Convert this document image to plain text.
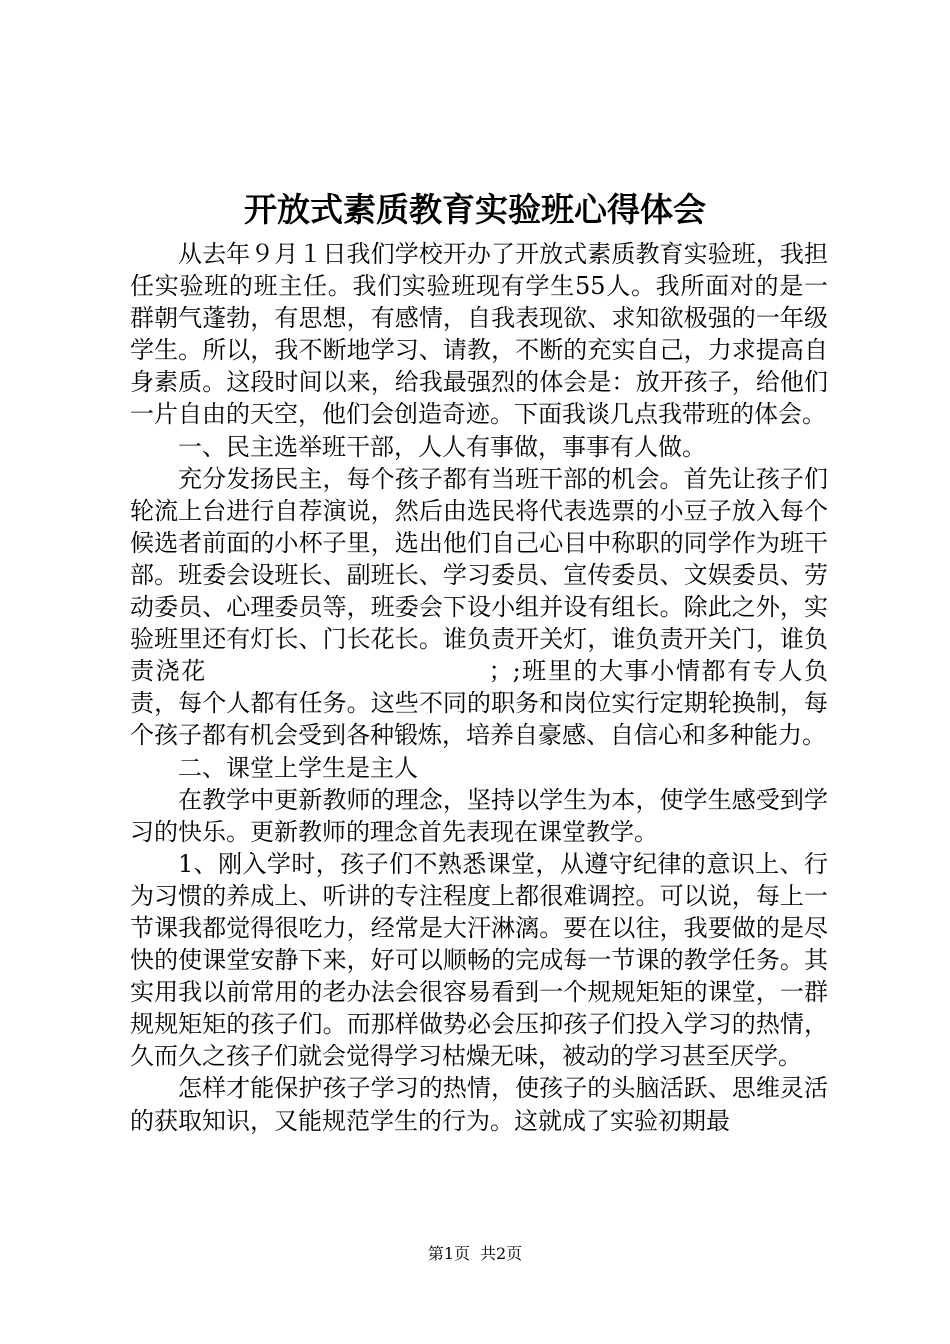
开放式素质教育实验班心得体会

从去年９月１日我们学校开办了开放式素质教育实验班，我担任实验班的班主任。我们实验班现有学生55人。我所面对的是一群朝气蓬勃，有思想，有感情，自我表现欲、求知欲极强的一年级学生。所以，我不断地学习、请教，不断的充实自己，力求提高自身素质。这段时间以来，给我最强烈的体会是：放开孩子，给他们一片自由的天空，他们会创造奇迹。下面我谈几点我带班的体会。

一、民主选举班干部，人人有事做，事事有人做。

充分发扬民主，每个孩子都有当班干部的机会。首先让孩子们轮流上台进行自荐演说，然后由选民将代表选票的小豆子放入每个候选者前面的小杯子里，选出他们自己心目中称职的同学作为班干部。班委会设班长、副班长、学习委员、宣传委员、文娱委员、劳动委员、心理委员等，班委会下设小组并设有组长。除此之外，实验班里还有灯长、门长花长。谁负责开关灯，谁负责开关门，谁负责浇花　　　　　　　　　　　；;班里的大事小情都有专人负责，每个人都有任务。这些不同的职务和岗位实行定期轮换制，每个孩子都有机会受到各种锻炼，培养自豪感、自信心和多种能力。

二、课堂上学生是主人

在教学中更新教师的理念，坚持以学生为本，使学生感受到学习的快乐。更新教师的理念首先表现在课堂教学。

1、刚入学时，孩子们不熟悉课堂，从遵守纪律的意识上、行为习惯的养成上、听讲的专注程度上都很难调控。可以说，每上一节课我都觉得很吃力，经常是大汗淋漓。要在以往，我要做的是尽快的使课堂安静下来，好可以顺畅的完成每一节课的教学任务。其实用我以前常用的老办法会很容易看到一个规规矩矩的课堂，一群规规矩矩的孩子们。而那样做势必会压抑孩子们投入学习的热情，久而久之孩子们就会觉得学习枯燥无味，被动的学习甚至厌学。

怎样才能保护孩子学习的热情，使孩子的头脑活跃、思维灵活的获取知识，又能规范学生的行为。这就成了实验初期最

第1页 共2页
